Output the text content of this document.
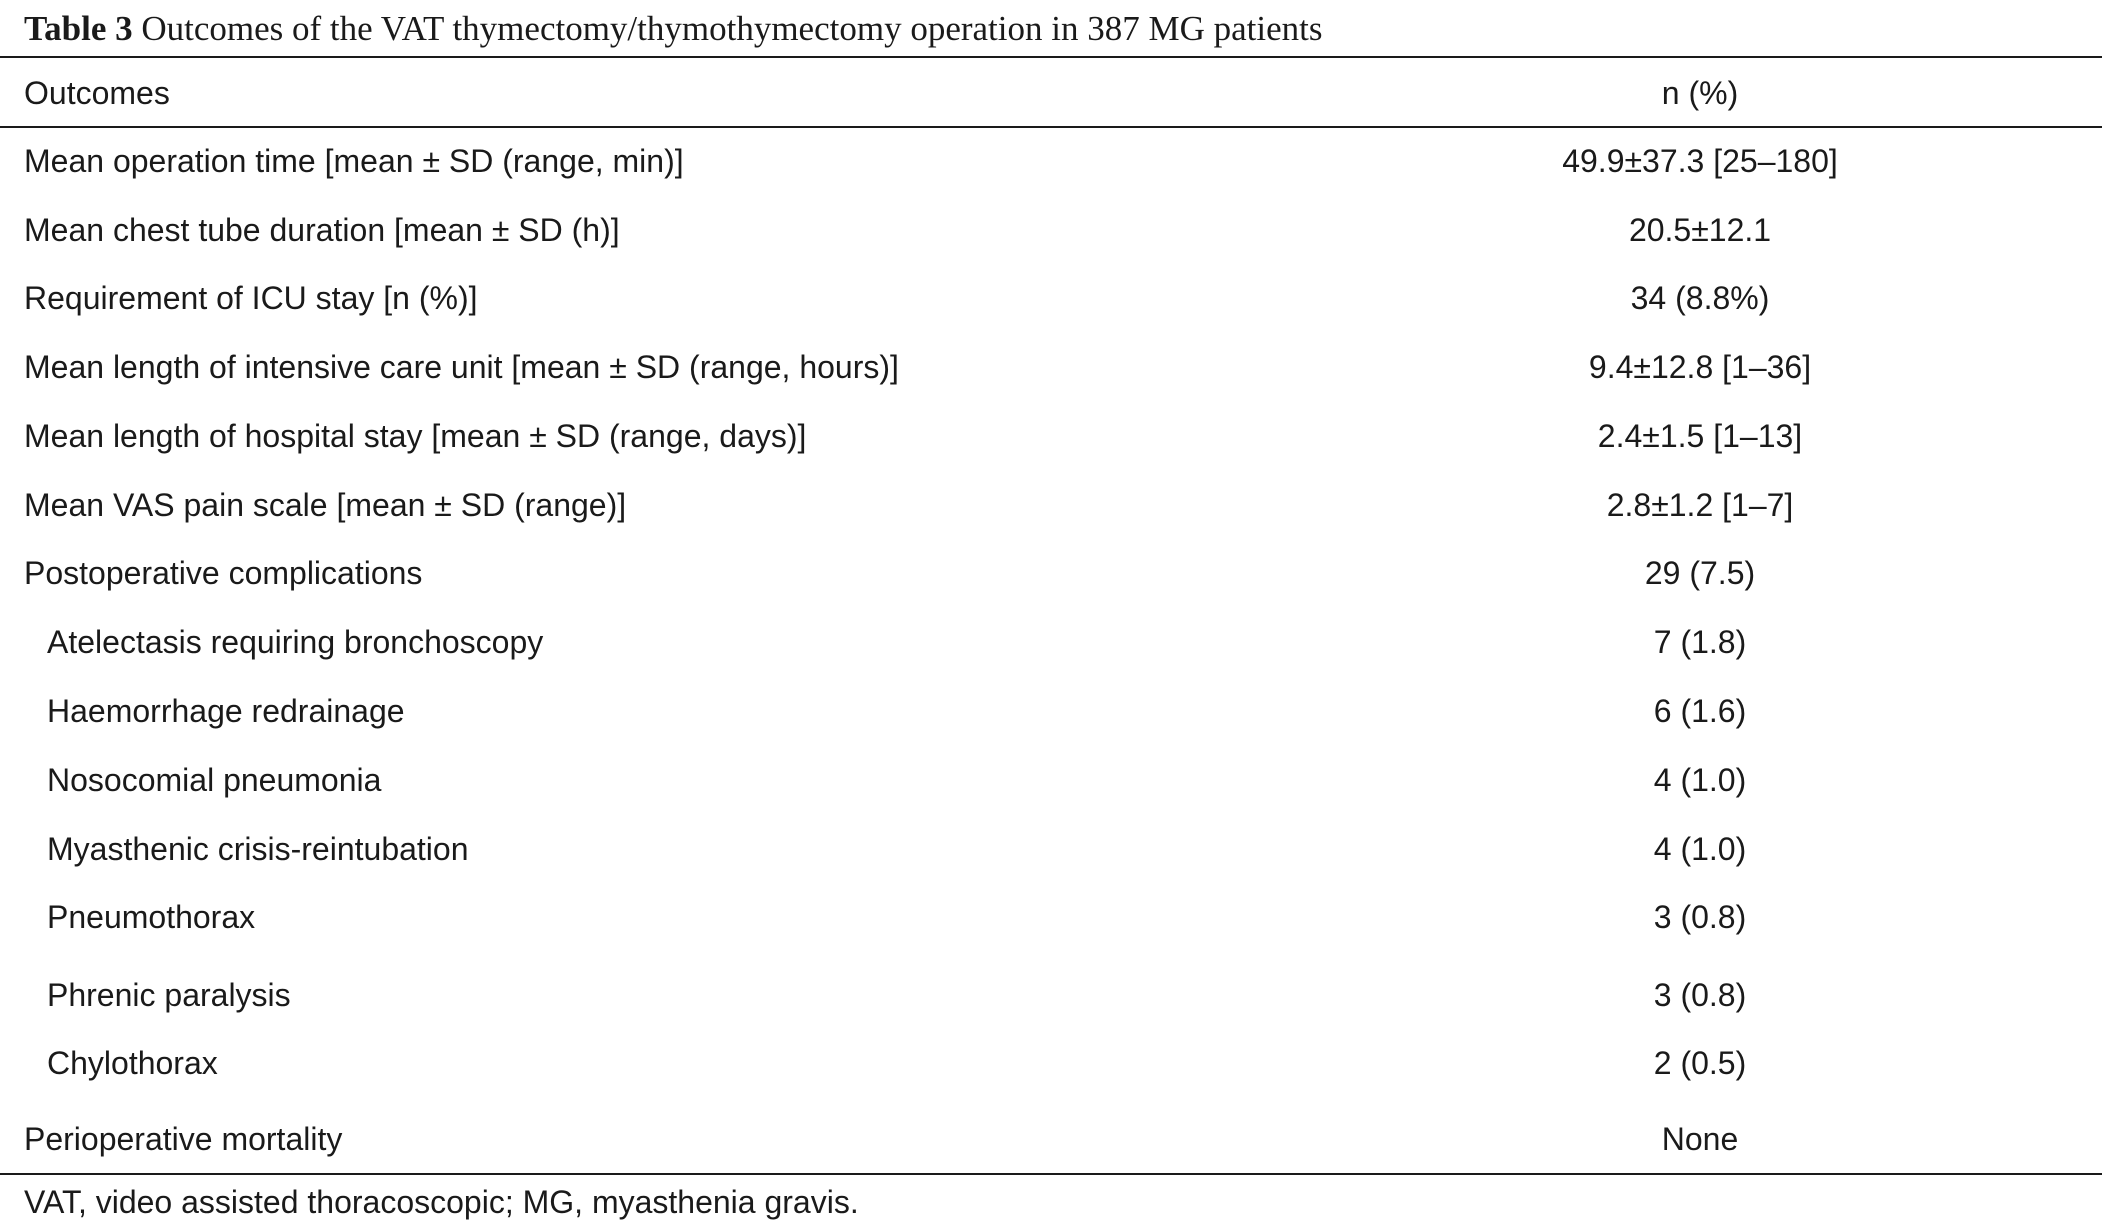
Table 3 Outcomes of the VAT thymectomy/thymothymectomy operation in 387 MG patients
Outcomes	n (%)
Mean operation time [mean ± SD (range, min)]	49.9±37.3 [25–180]
Mean chest tube duration [mean ± SD (h)]	20.5±12.1
Requirement of ICU stay [n (%)]	34 (8.8%)
Mean length of intensive care unit [mean ± SD (range, hours)]	9.4±12.8 [1–36]
Mean length of hospital stay [mean ± SD (range, days)]	2.4±1.5 [1–13]
Mean VAS pain scale [mean ± SD (range)]	2.8±1.2 [1–7]
Postoperative complications	29 (7.5)
Atelectasis requiring bronchoscopy	7 (1.8)
Haemorrhage redrainage	6 (1.6)
Nosocomial pneumonia	4 (1.0)
Myasthenic crisis-reintubation	4 (1.0)
Pneumothorax	3 (0.8)
Phrenic paralysis	3 (0.8)
Chylothorax	2 (0.5)
Perioperative mortality	None
VAT, video assisted thoracoscopic; MG, myasthenia gravis.
